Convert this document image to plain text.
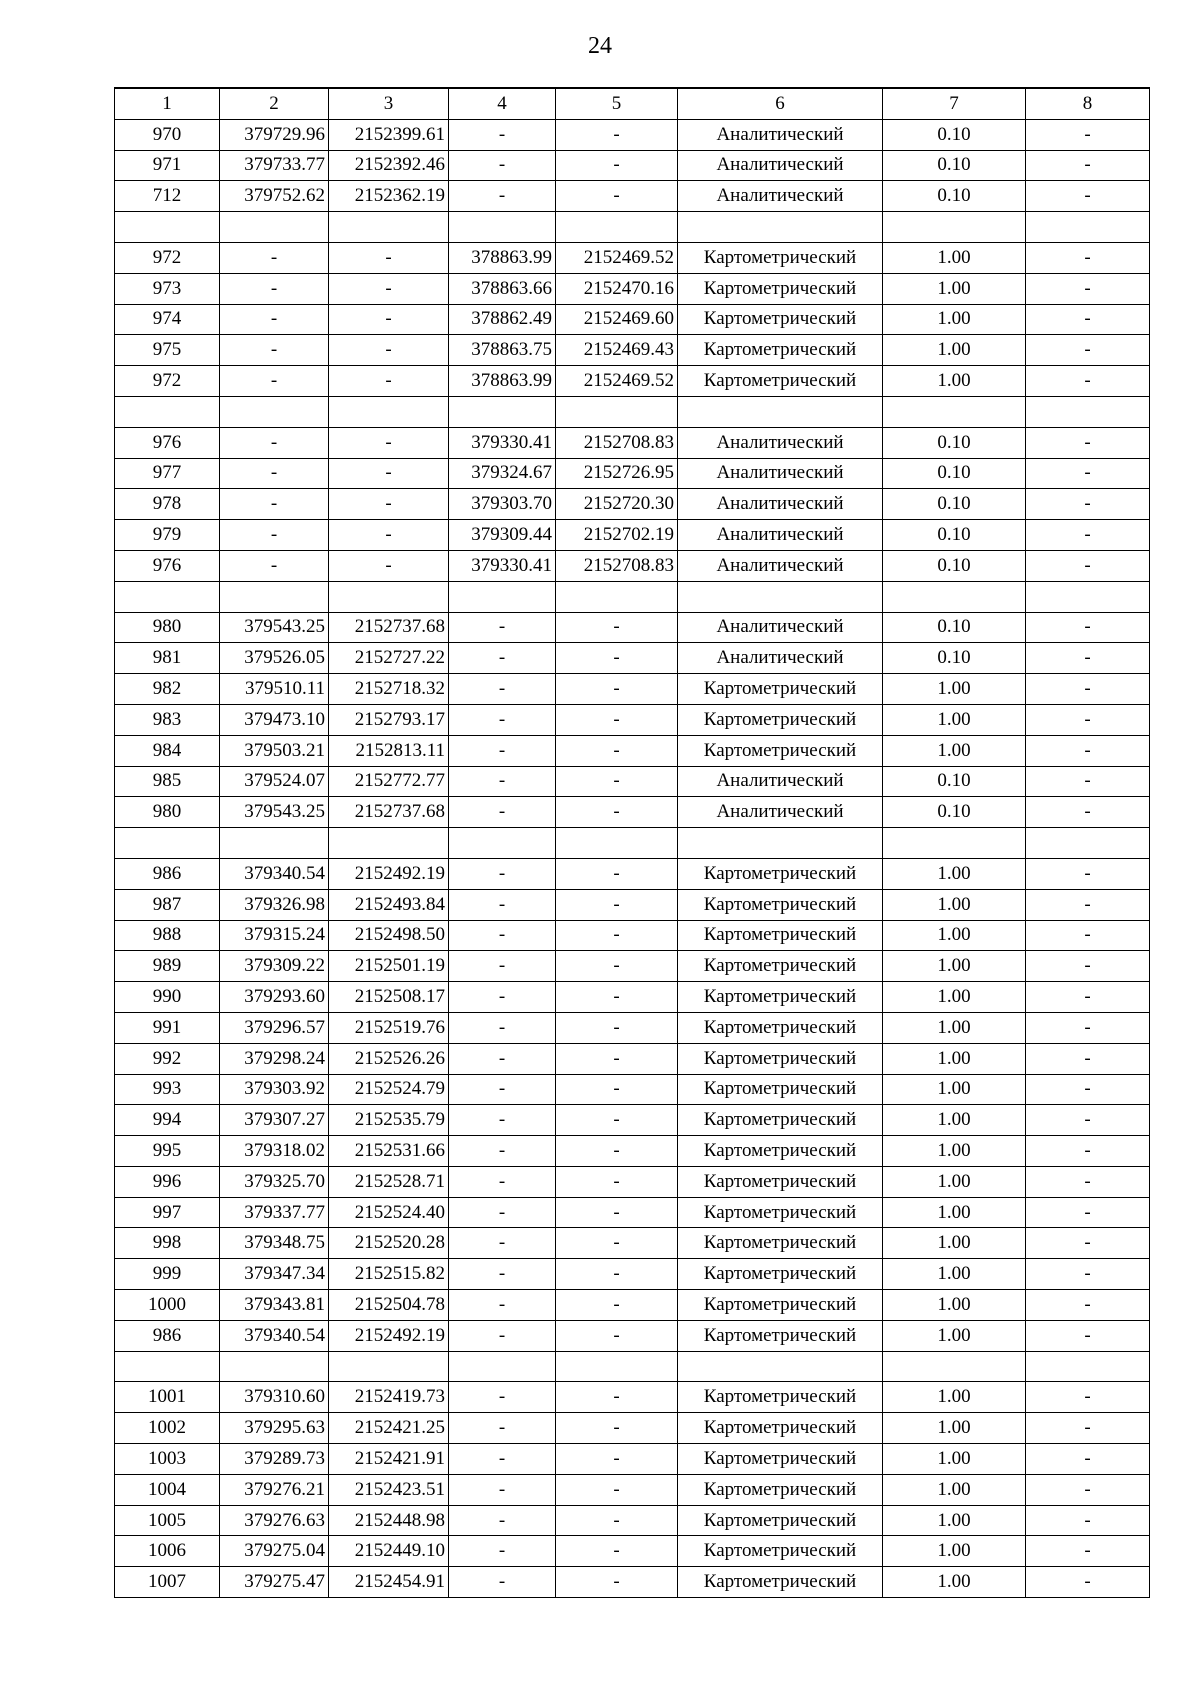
24
1	2	3	4	5	6	7	8
970	379729.96	2152399.61	-	-	Аналитический	0.10	-
971	379733.77	2152392.46	-	-	Аналитический	0.10	-
712	379752.62	2152362.19	-	-	Аналитический	0.10	-

972	-	-	378863.99	2152469.52	Картометрический	1.00	-
973	-	-	378863.66	2152470.16	Картометрический	1.00	-
974	-	-	378862.49	2152469.60	Картометрический	1.00	-
975	-	-	378863.75	2152469.43	Картометрический	1.00	-
972	-	-	378863.99	2152469.52	Картометрический	1.00	-

976	-	-	379330.41	2152708.83	Аналитический	0.10	-
977	-	-	379324.67	2152726.95	Аналитический	0.10	-
978	-	-	379303.70	2152720.30	Аналитический	0.10	-
979	-	-	379309.44	2152702.19	Аналитический	0.10	-
976	-	-	379330.41	2152708.83	Аналитический	0.10	-

980	379543.25	2152737.68	-	-	Аналитический	0.10	-
981	379526.05	2152727.22	-	-	Аналитический	0.10	-
982	379510.11	2152718.32	-	-	Картометрический	1.00	-
983	379473.10	2152793.17	-	-	Картометрический	1.00	-
984	379503.21	2152813.11	-	-	Картометрический	1.00	-
985	379524.07	2152772.77	-	-	Аналитический	0.10	-
980	379543.25	2152737.68	-	-	Аналитический	0.10	-

986	379340.54	2152492.19	-	-	Картометрический	1.00	-
987	379326.98	2152493.84	-	-	Картометрический	1.00	-
988	379315.24	2152498.50	-	-	Картометрический	1.00	-
989	379309.22	2152501.19	-	-	Картометрический	1.00	-
990	379293.60	2152508.17	-	-	Картометрический	1.00	-
991	379296.57	2152519.76	-	-	Картометрический	1.00	-
992	379298.24	2152526.26	-	-	Картометрический	1.00	-
993	379303.92	2152524.79	-	-	Картометрический	1.00	-
994	379307.27	2152535.79	-	-	Картометрический	1.00	-
995	379318.02	2152531.66	-	-	Картометрический	1.00	-
996	379325.70	2152528.71	-	-	Картометрический	1.00	-
997	379337.77	2152524.40	-	-	Картометрический	1.00	-
998	379348.75	2152520.28	-	-	Картометрический	1.00	-
999	379347.34	2152515.82	-	-	Картометрический	1.00	-
1000	379343.81	2152504.78	-	-	Картометрический	1.00	-
986	379340.54	2152492.19	-	-	Картометрический	1.00	-

1001	379310.60	2152419.73	-	-	Картометрический	1.00	-
1002	379295.63	2152421.25	-	-	Картометрический	1.00	-
1003	379289.73	2152421.91	-	-	Картометрический	1.00	-
1004	379276.21	2152423.51	-	-	Картометрический	1.00	-
1005	379276.63	2152448.98	-	-	Картометрический	1.00	-
1006	379275.04	2152449.10	-	-	Картометрический	1.00	-
1007	379275.47	2152454.91	-	-	Картометрический	1.00	-
